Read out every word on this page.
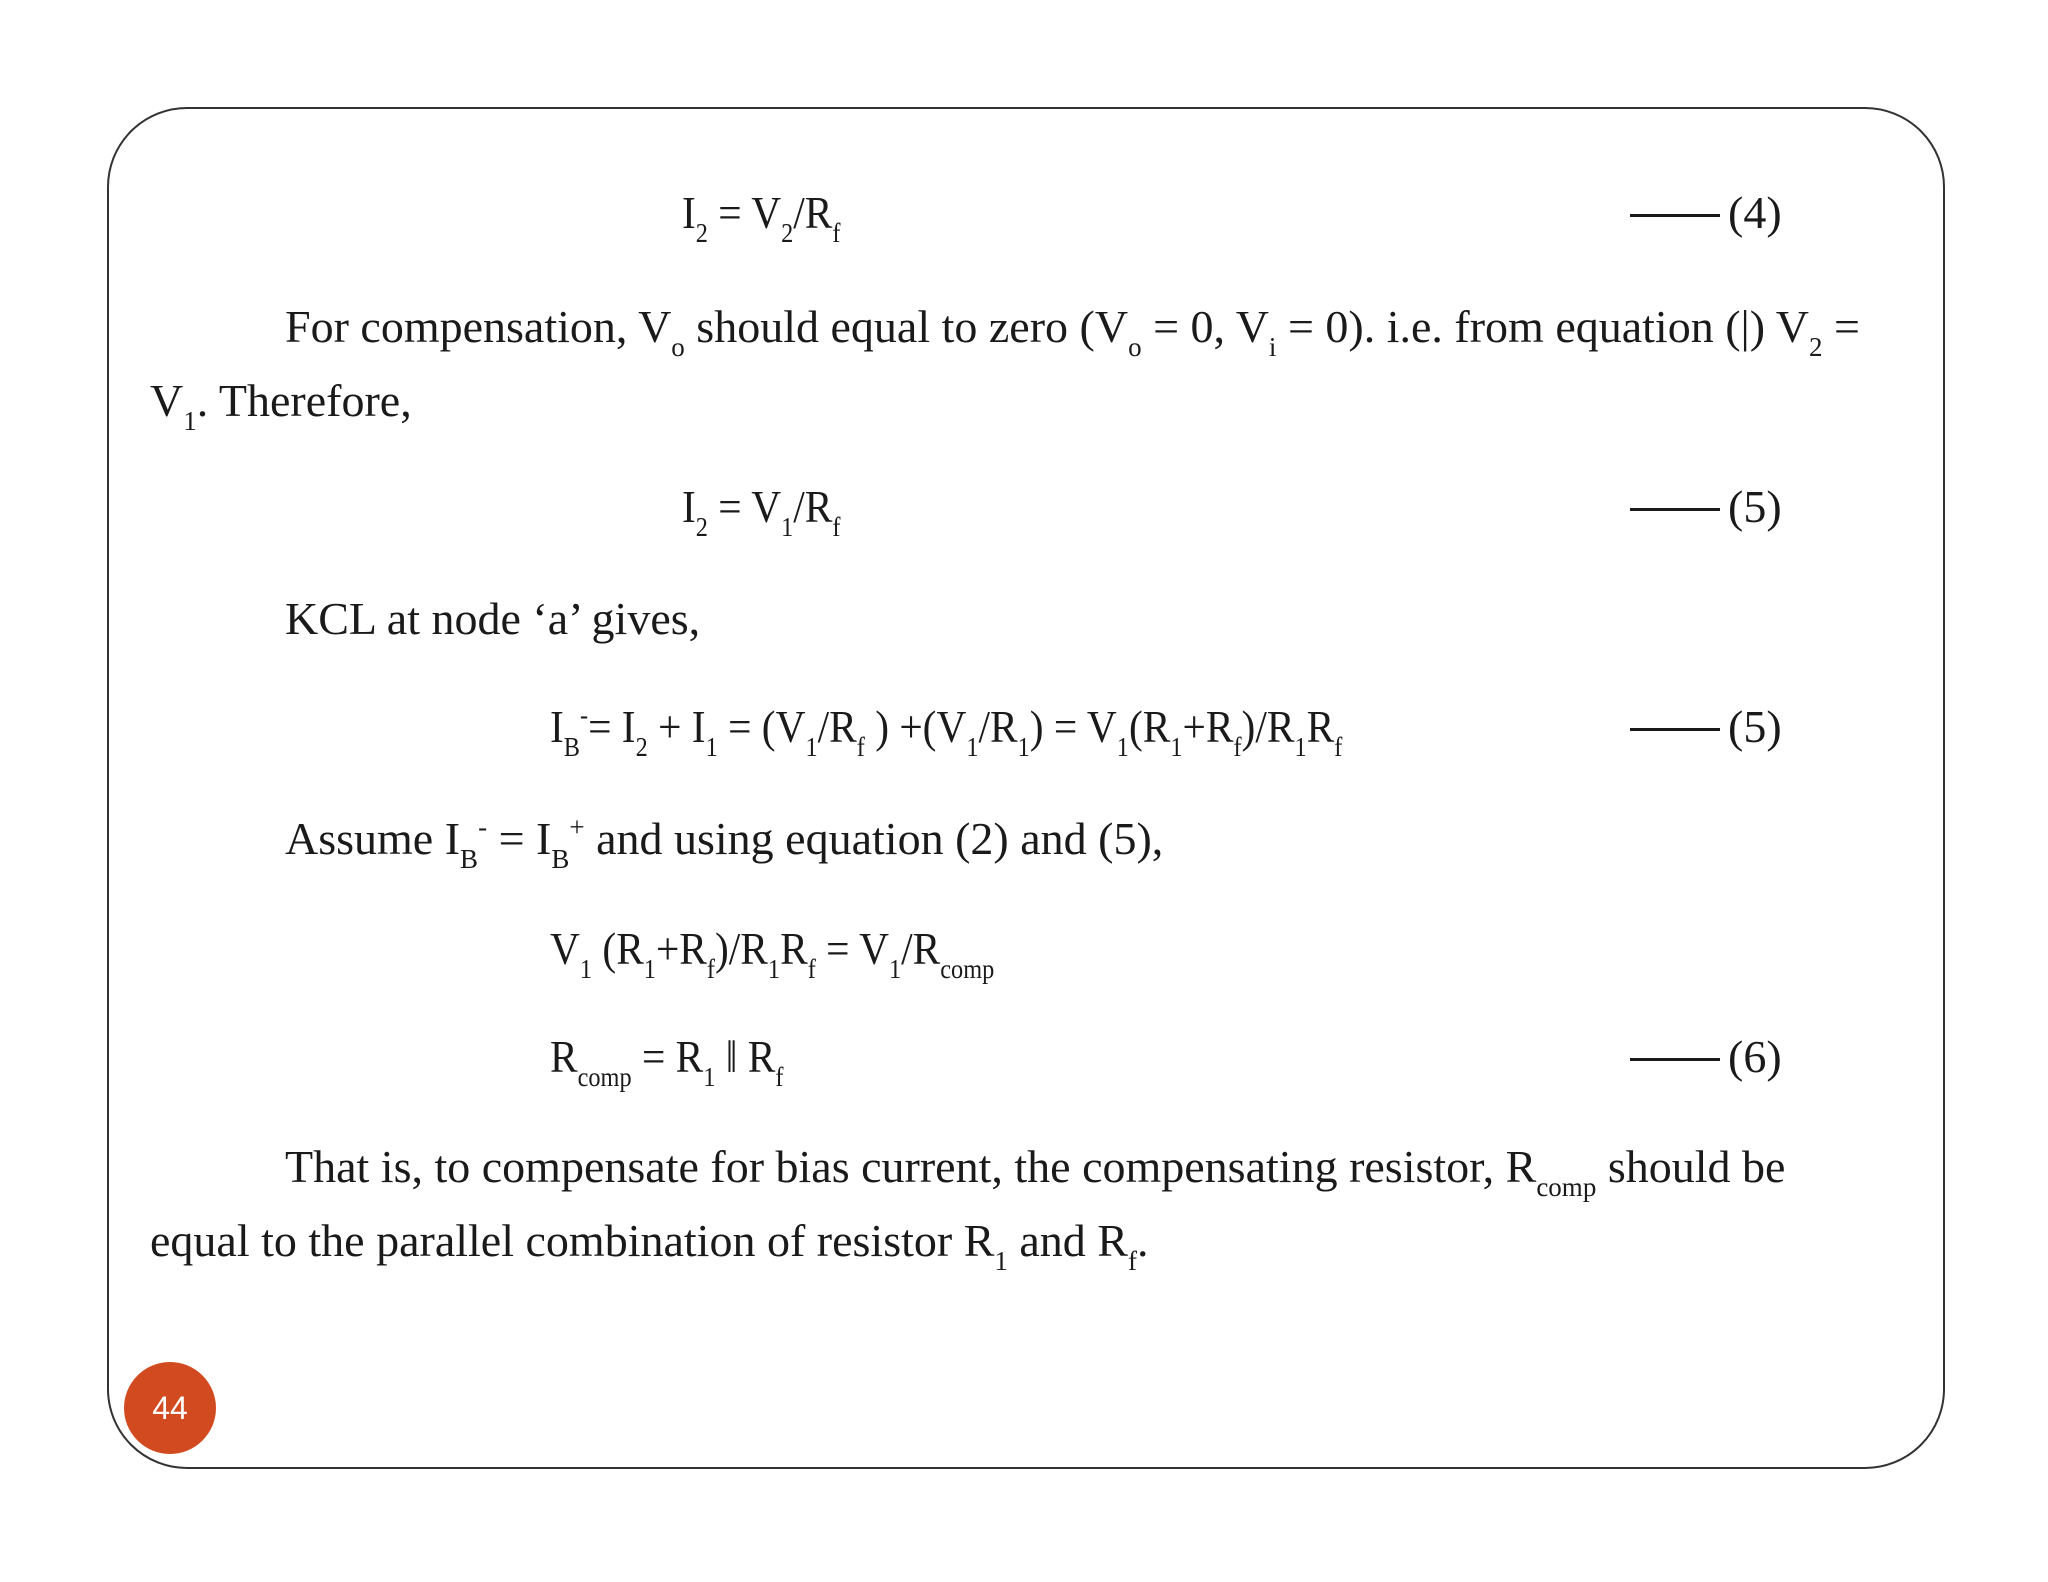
$I_2 = V_2/R_f$	(4)
For compensation, $V_o$ should equal to zero ($V_o = 0$, $V_i = 0$). i.e. from equation (|) $V_2$ =
$V_1$. Therefore,
$I_2 = V_1/R_f$	(5)
KCL at node ‘a’ gives,
$I_B^-= I_2 + I_1 = (V_1/R_f$ ) $+(V_1/R_1) = V_1(R_1+R_f)/R_1R_f$	(5)
Assume $I_B^- = I_B^+$ and using equation (2) and (5),
$V_1$ $(R_1+R_f)/R_1R_f = V_1/R_{comp}$
$R_{comp} = R_1$ ‖ $R_f$	(6)
That is, to compensate for bias current, the compensating resistor, $R_{comp}$ should be
equal to the parallel combination of resistor $R_1$ and $R_f$.
44
